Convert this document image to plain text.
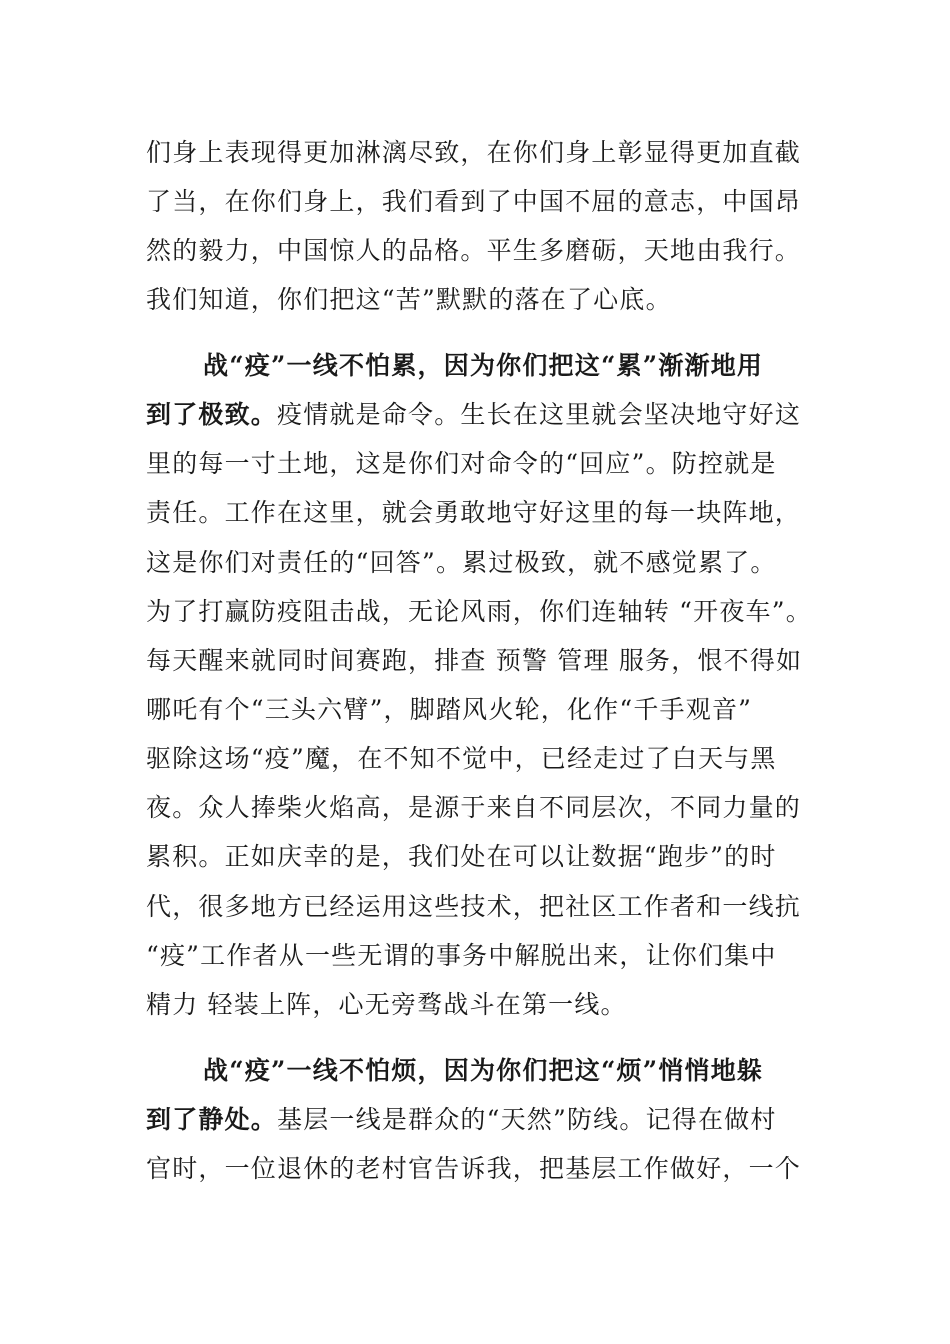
们身上表现得更加淋漓尽致，在你们身上彰显得更加直截
了当，在你们身上，我们看到了中国不屈的意志，中国昂
然的毅力，中国惊人的品格。平生多磨砺，天地由我行。
我们知道，你们把这“苦”默默的落在了心底。
战“疫”一线不怕累，因为你们把这“累”渐渐地用
到了极致。疫情就是命令。生长在这里就会坚决地守好这
里的每一寸土地，这是你们对命令的“回应”。防控就是
责任。工作在这里，就会勇敢地守好这里的每一块阵地，
这是你们对责任的“回答”。累过极致，就不感觉累了。
为了打赢防疫阻击战，无论风雨，你们连轴转 “开夜车”。
每天醒来就同时间赛跑，排查 预警 管理 服务，恨不得如
哪吒有个“三头六臂”，脚踏风火轮，化作“千手观音”
驱除这场“疫”魔，在不知不觉中，已经走过了白天与黑
夜。众人捧柴火焰高，是源于来自不同层次，不同力量的
累积。正如庆幸的是，我们处在可以让数据“跑步”的时
代，很多地方已经运用这些技术，把社区工作者和一线抗
“疫”工作者从一些无谓的事务中解脱出来，让你们集中
精力 轻装上阵，心无旁骛战斗在第一线。
战“疫”一线不怕烦，因为你们把这“烦”悄悄地躲
到了静处。基层一线是群众的“天然”防线。记得在做村
官时，一位退休的老村官告诉我，把基层工作做好，一个
